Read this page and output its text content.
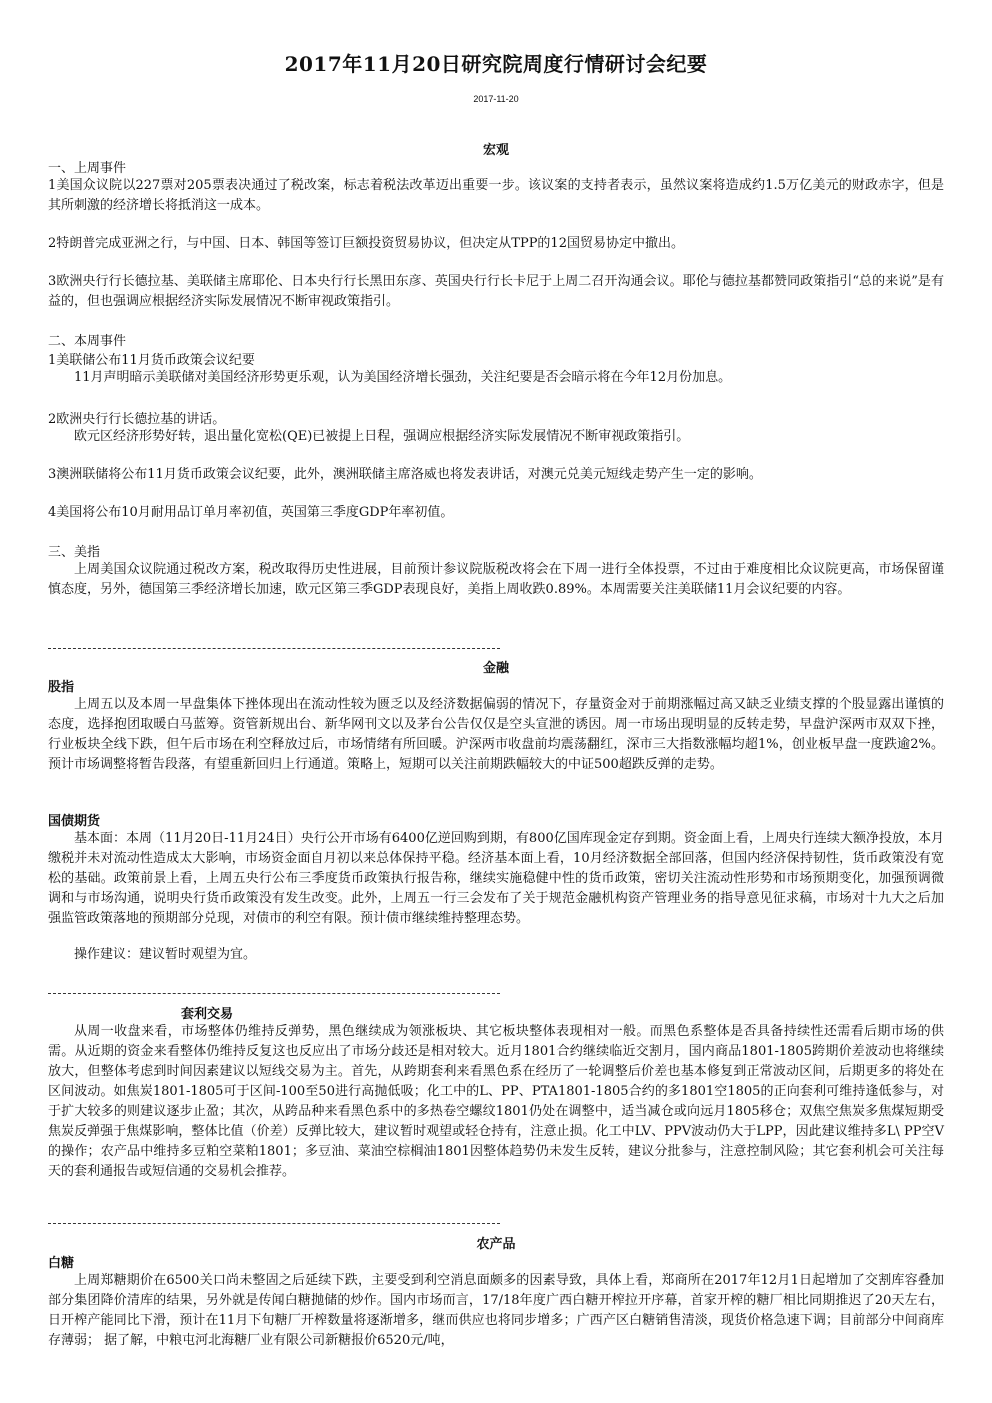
2017年11月20日研究院周度行情研讨会纪要
2017-11-20
宏观
一、上周事件
1美国众议院以227票对205票表决通过了税改案，标志着税法改革迈出重要一步。该议案的支持者表示，虽然议案将造成约1.5万亿美元的财政赤字，但是其所刺激的经济增长将抵消这一成本。
2特朗普完成亚洲之行，与中国、日本、韩国等签订巨额投资贸易协议，但决定从TPP的12国贸易协定中撤出。
3欧洲央行行长德拉基、美联储主席耶伦、日本央行行长黑田东彦、英国央行行长卡尼于上周二召开沟通会议。耶伦与德拉基都赞同政策指引“总的来说”是有益的，但也强调应根据经济实际发展情况不断审视政策指引。
二、本周事件
1美联储公布11月货币政策会议纪要
11月声明暗示美联储对美国经济形势更乐观，认为美国经济增长强劲，关注纪要是否会暗示将在今年12月份加息。
2欧洲央行行长德拉基的讲话。
欧元区经济形势好转，退出量化宽松(QE)已被提上日程，强调应根据经济实际发展情况不断审视政策指引。
3澳洲联储将公布11月货币政策会议纪要，此外，澳洲联储主席洛威也将发表讲话，对澳元兑美元短线走势产生一定的影响。
4美国将公布10月耐用品订单月率初值，英国第三季度GDP年率初值。
三、美指
上周美国众议院通过税改方案，税改取得历史性进展，目前预计参议院版税改将会在下周一进行全体投票，不过由于难度相比众议院更高，市场保留谨慎态度，另外，德国第三季经济增长加速，欧元区第三季GDP表现良好，美指上周收跌0.89%。本周需要关注美联储11月会议纪要的内容。
金融
股指
上周五以及本周一早盘集体下挫体现出在流动性较为匮乏以及经济数据偏弱的情况下，存量资金对于前期涨幅过高又缺乏业绩支撑的个股显露出谨慎的态度，选择抱团取暖白马蓝筹。资管新规出台、新华网刊文以及茅台公告仅仅是空头宣泄的诱因。周一市场出现明显的反转走势，早盘沪深两市双双下挫，行业板块全线下跌，但午后市场在利空释放过后，市场情绪有所回暖。沪深两市收盘前均震荡翻红，深市三大指数涨幅均超1%，创业板早盘一度跌逾2%。预计市场调整将暂告段落，有望重新回归上行通道。策略上，短期可以关注前期跌幅较大的中证500超跌反弹的走势。
国债期货
基本面：本周（11月20日-11月24日）央行公开市场有6400亿逆回购到期，有800亿国库现金定存到期。资金面上看，上周央行连续大额净投放，本月缴税并未对流动性造成太大影响，市场资金面自月初以来总体保持平稳。经济基本面上看，10月经济数据全部回落，但国内经济保持韧性，货币政策没有宽松的基础。政策前景上看，上周五央行公布三季度货币政策执行报告称，继续实施稳健中性的货币政策，密切关注流动性形势和市场预期变化，加强预调微调和与市场沟通，说明央行货币政策没有发生改变。此外，上周五一行三会发布了关于规范金融机构资产管理业务的指导意见征求稿，市场对十九大之后加强监管政策落地的预期部分兑现，对债市的利空有限。预计债市继续维持整理态势。
操作建议：建议暂时观望为宜。
套利交易
从周一收盘来看，市场整体仍维持反弹势，黑色继续成为领涨板块、其它板块整体表现相对一般。而黑色系整体是否具备持续性还需看后期市场的供需。从近期的资金来看整体仍维持反复这也反应出了市场分歧还是相对较大。近月1801合约继续临近交割月，国内商品1801-1805跨期价差波动也将继续放大，但整体考虑到时间因素建议以短线交易为主。首先，从跨期套利来看黑色系在经历了一轮调整后价差也基本修复到正常波动区间，后期更多的将处在区间波动。如焦炭1801-1805可于区间-100至50进行高抛低吸；化工中的L、PP、PTA1801-1805合约的多1801空1805的正向套利可维持逢低参与，对于扩大较多的则建议逐步止盈；其次，从跨品种来看黑色系中的多热卷空螺纹1801仍处在调整中，适当减仓或向远月1805移仓；双焦空焦炭多焦煤短期受焦炭反弹强于焦煤影响，整体比值（价差）反弹比较大，建议暂时观望或轻仓持有，注意止损。化工中LV、PPV波动仍大于LPP，因此建议维持多L\ PP空V的操作；农产品中维持多豆粕空菜粕1801；多豆油、菜油空棕榈油1801因整体趋势仍未发生反转，建议分批参与，注意控制风险；其它套利机会可关注每天的套利通报告或短信通的交易机会推荐。
农产品
白糖
上周郑糖期价在6500关口尚未整固之后延续下跌，主要受到利空消息面颇多的因素导致，具体上看，郑商所在2017年12月1日起增加了交割库容叠加部分集团降价清库的结果，另外就是传闻白糖抛储的炒作。国内市场而言，17/18年度广西白糖开榨拉开序幕，首家开榨的糖厂相比同期推迟了20天左右，日开榨产能同比下滑，预计在11月下旬糖厂开榨数量将逐渐增多，继而供应也将同步增多；广西产区白糖销售清淡，现货价格急速下调；目前部分中间商库存薄弱； 据了解，中粮屯河北海糖厂业有限公司新糖报价6520元/吨，
